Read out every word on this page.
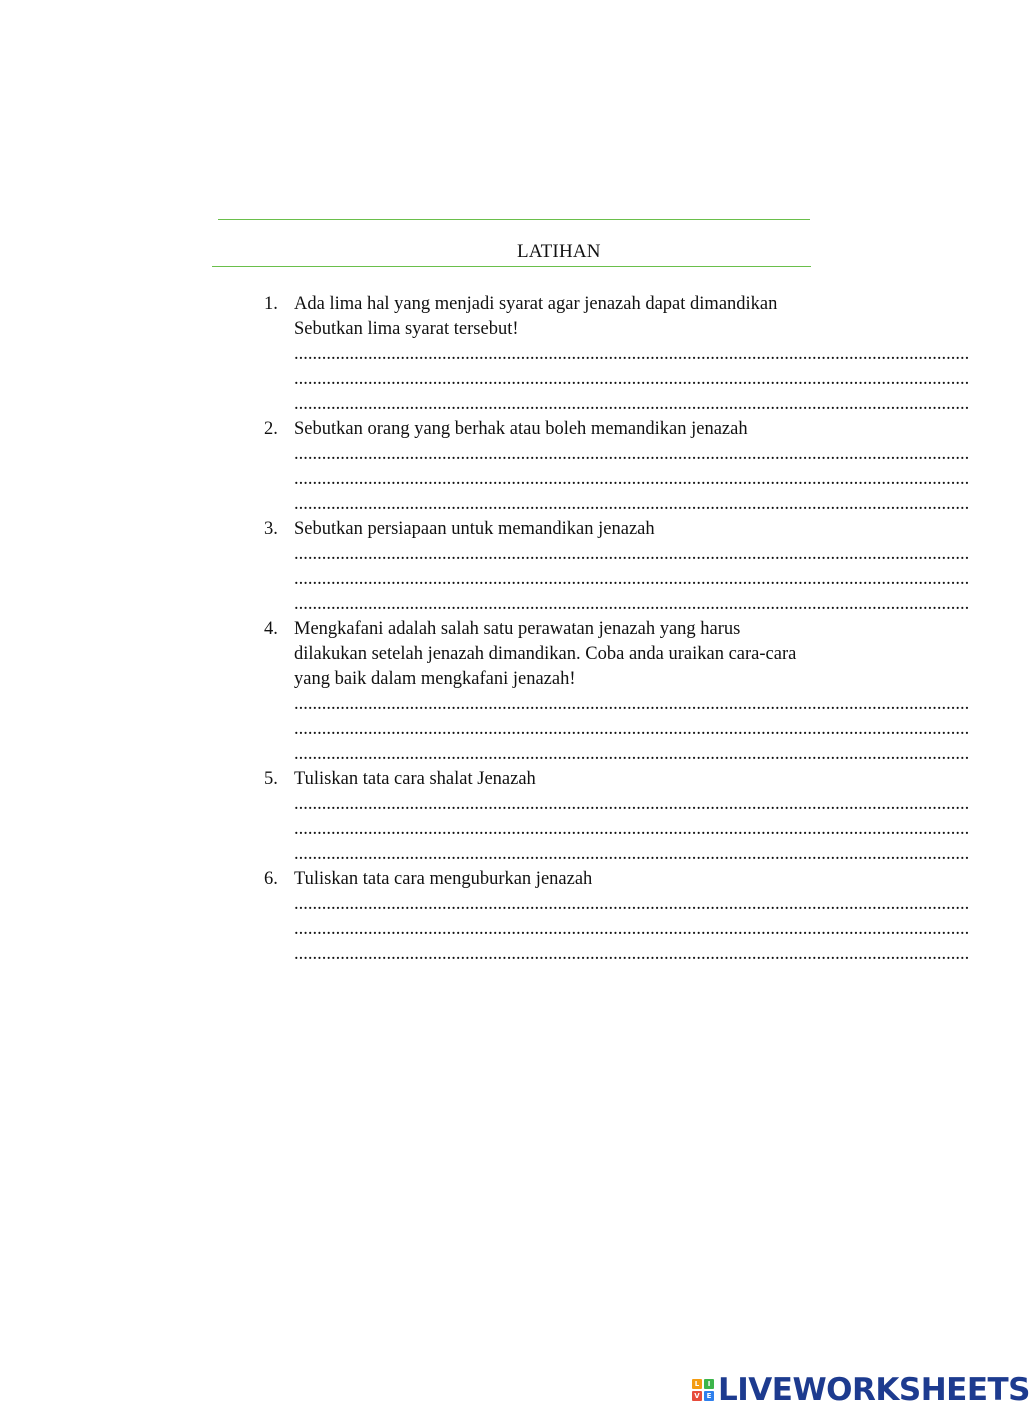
LATIHAN
1. Ada lima hal yang menjadi syarat agar jenazah dapat dimandikan
Sebutkan lima syarat tersebut!
..................................................................................................................................................
..................................................................................................................................................
..................................................................................................................................................
2. Sebutkan orang yang berhak atau boleh memandikan jenazah
..................................................................................................................................................
..................................................................................................................................................
..................................................................................................................................................
3. Sebutkan persiapaan untuk memandikan jenazah
..................................................................................................................................................
..................................................................................................................................................
..................................................................................................................................................
4. Mengkafani adalah salah satu perawatan jenazah yang harus
dilakukan setelah jenazah dimandikan. Coba anda uraikan cara-cara
yang baik dalam mengkafani jenazah!
..................................................................................................................................................
..................................................................................................................................................
..................................................................................................................................................
5. Tuliskan tata cara shalat Jenazah
..................................................................................................................................................
..................................................................................................................................................
..................................................................................................................................................
6. Tuliskan tata cara menguburkan jenazah
..................................................................................................................................................
..................................................................................................................................................
..................................................................................................................................................
L	I
V E LIVEWORKSHEETS
